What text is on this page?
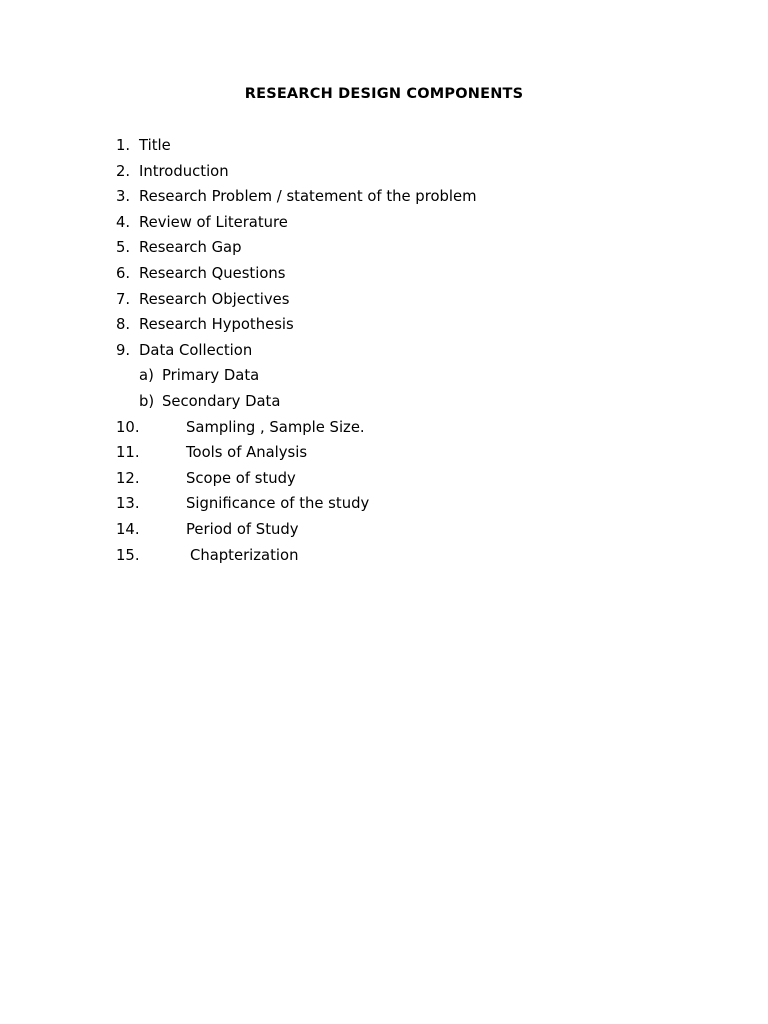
RESEARCH DESIGN COMPONENTS
1. Title
2. Introduction
3. Research Problem / statement of the problem
4. Review of Literature
5. Research Gap
6. Research Questions
7. Research Objectives
8. Research Hypothesis
9. Data Collection
a) Primary Data
b) Secondary Data
10.	Sampling , Sample Size.
11.	Tools of Analysis
12.	Scope of study
13.	Significance of the study
14.	Period of Study
15.	Chapterization
